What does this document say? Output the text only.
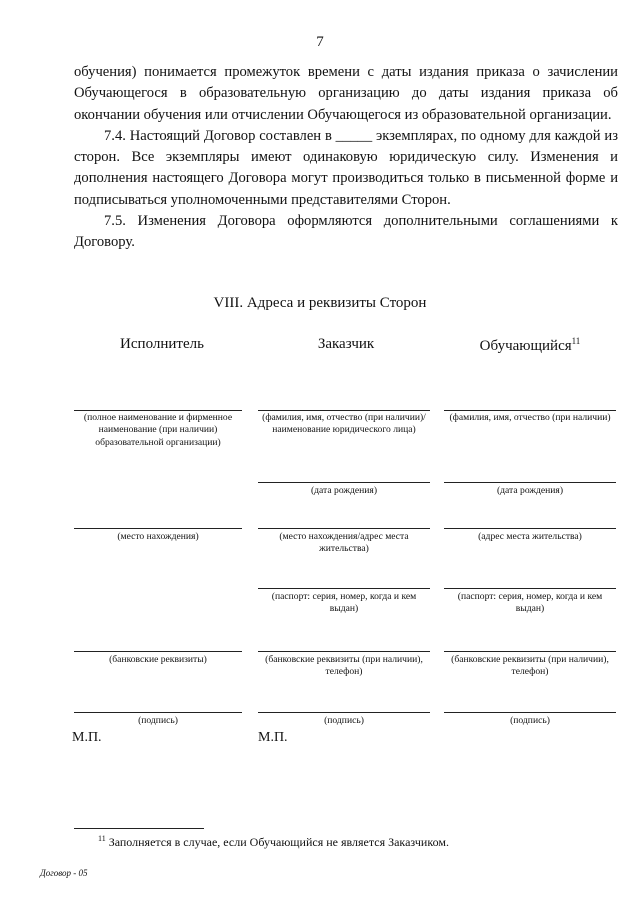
7

обучения) понимается промежуток времени с даты издания приказа о зачислении Обучающегося в образовательную организацию до даты издания приказа об окончании обучения или отчислении Обучающегося из образовательной организации.

7.4. Настоящий Договор составлен в _____ экземплярах, по одному для каждой из сторон. Все экземпляры имеют одинаковую юридическую силу. Изменения и дополнения настоящего Договора могут производиться только в письменной форме и подписываться уполномоченными представителями Сторон.

7.5. Изменения Договора оформляются дополнительными соглашениями к Договору.

VIII. Адреса и реквизиты Сторон
Исполнитель	Заказчик	Обучающийся$^{11}$
(полное наименование и фирменное наименование (при наличии) образовательной организации)
(место нахождения)
(банковские реквизиты)
(подпись)
М.П.
(фамилия, имя, отчество (при наличии)/ наименование юридического лица)
(дата рождения)
(место нахождения/адрес места жительства)
(паспорт: серия, номер, когда и кем выдан)
(банковские реквизиты (при наличии), телефон)
(подпись)
М.П.
(фамилия, имя, отчество (при наличии)
(дата рождения)
(адрес места жительства)
(паспорт: серия, номер, когда и кем выдан)
(банковские реквизиты (при наличии), телефон)
(подпись)
$^{11}$ Заполняется в случае, если Обучающийся не является Заказчиком.
Договор - 05
